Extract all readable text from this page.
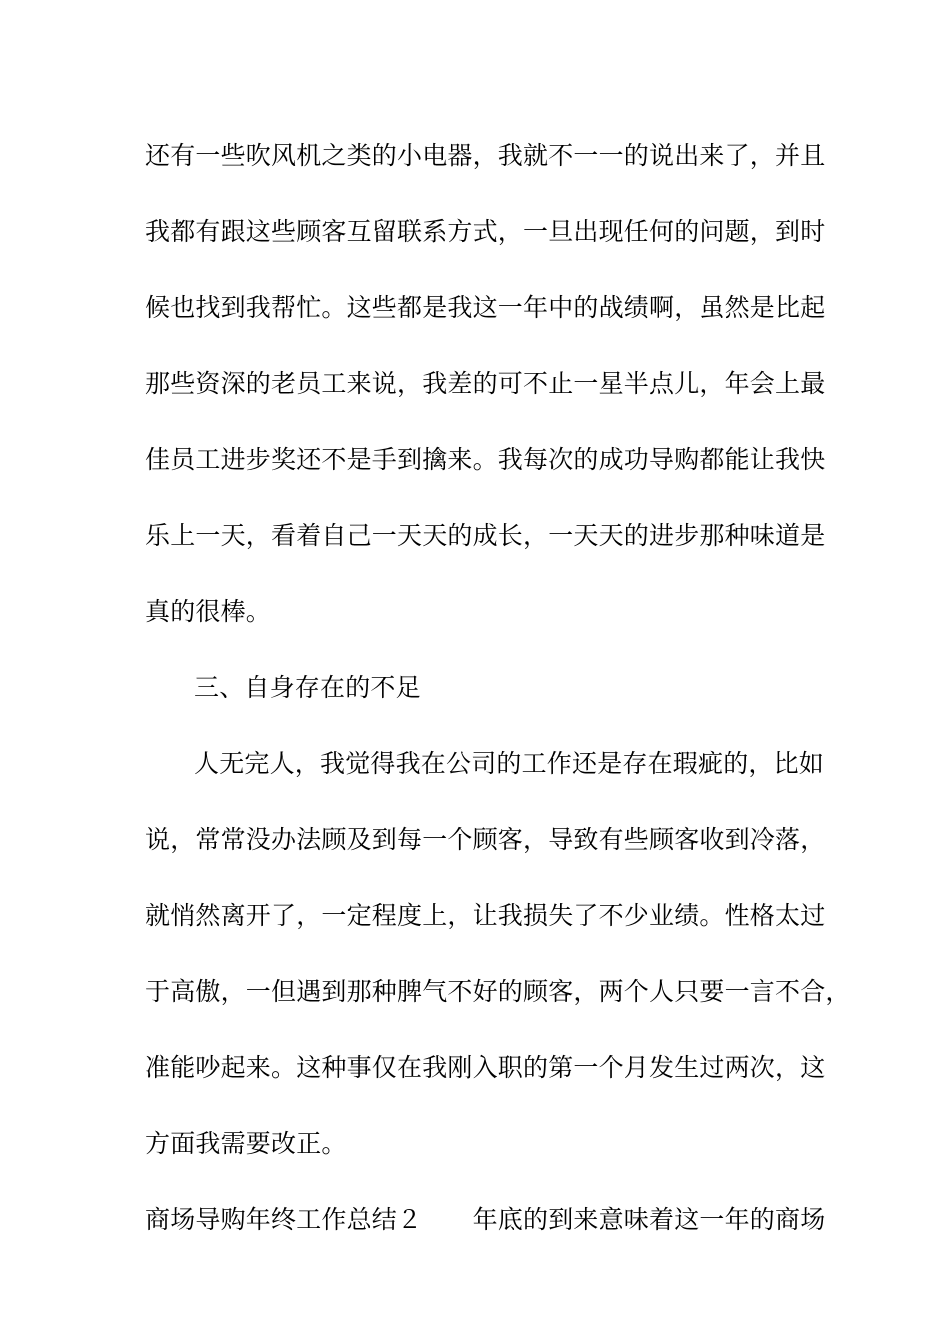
还有一些吹风机之类的小电器，我就不一一的说出来了，并且
我都有跟这些顾客互留联系方式，一旦出现任何的问题，到时
候也找到我帮忙。这些都是我这一年中的战绩啊，虽然是比起
那些资深的老员工来说，我差的可不止一星半点儿，年会上最
佳员工进步奖还不是手到擒来。我每次的成功导购都能让我快
乐上一天，看着自己一天天的成长，一天天的进步那种味道是
真的很棒。
三、自身存在的不足
人无完人，我觉得我在公司的工作还是存在瑕疵的，比如
说，常常没办法顾及到每一个顾客，导致有些顾客收到冷落，
就悄然离开了，一定程度上，让我损失了不少业绩。性格太过
于高傲，一但遇到那种脾气不好的顾客，两个人只要一言不合，
准能吵起来。这种事仅在我刚入职的第一个月发生过两次，这
方面我需要改正。
商场导购年终工作总结２　　年底的到来意味着这一年的商场
